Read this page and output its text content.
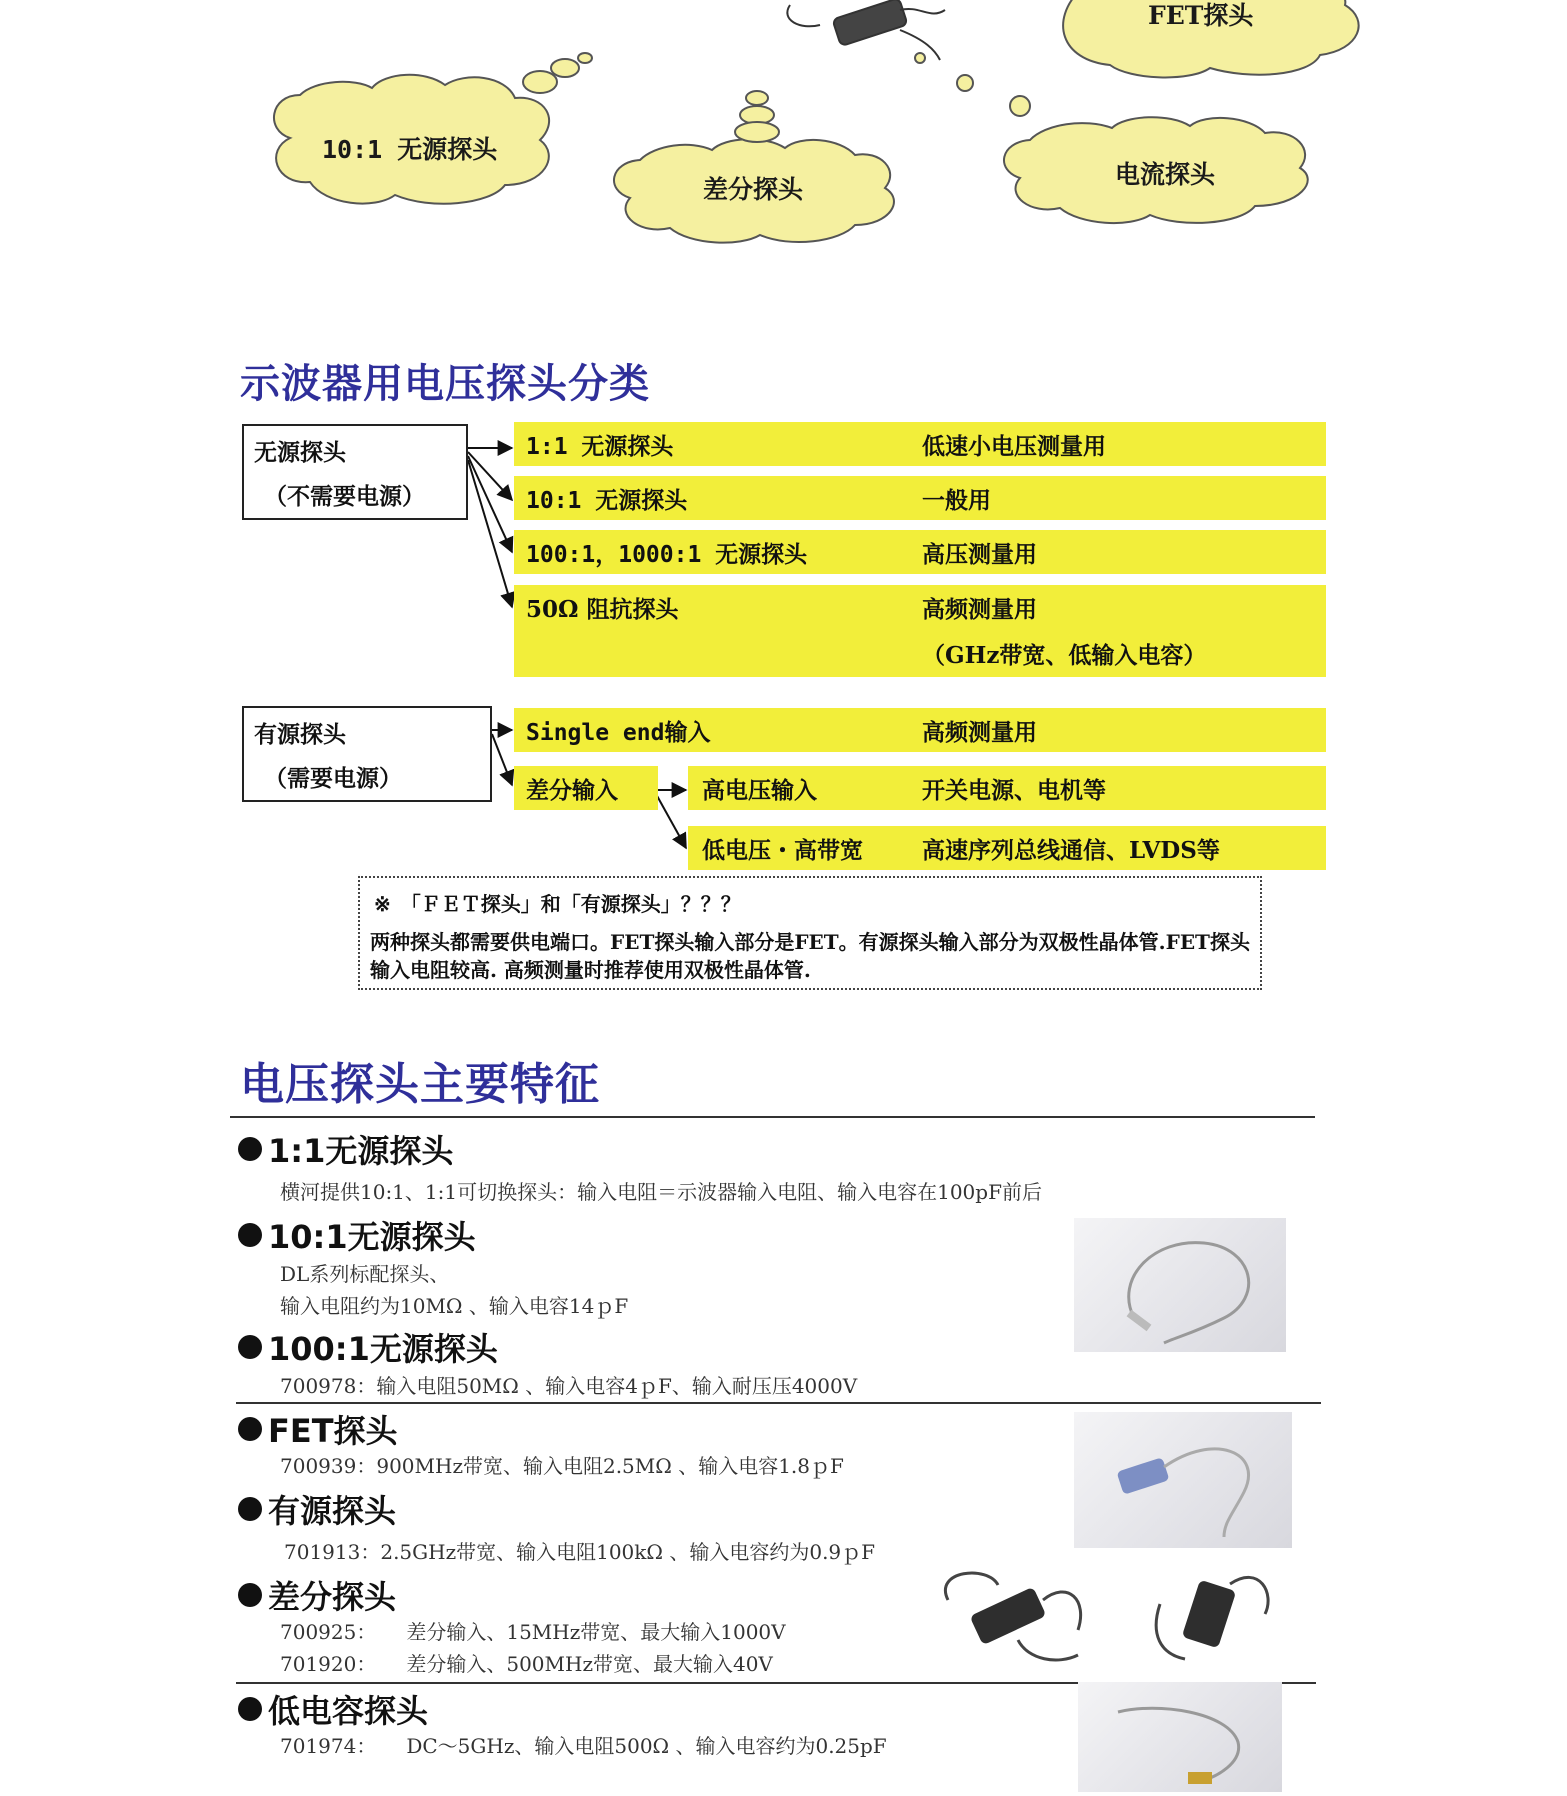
FET探头
10:1 无源探头
差分探头
电流探头
示波器用电压探头分类
无源探头
（不需要电源）
1:1 无源探头	低速小电压测量用
10:1 无源探头	一般用
100:1，1000:1 无源探头	高压测量用
50Ω 阻抗探头	高频测量用
（GHz带宽、低输入电容）
有源探头
（需要电源）
Single end输入	高频测量用
差分输入	高电压输入	开关电源、电机等
低电压・高带宽	高速序列总线通信、LVDS等
※　「ＦＥＴ探头」和「有源探头」？？？
两种探头都需要供电端口。FET探头输入部分是FET。有源探头输入部分为双极性晶体管.FET探头输入电阻较高. 高频测量时推荐使用双极性晶体管.
电压探头主要特征
1:1无源探头
横河提供10:1、1:1可切换探头：输入电阻＝示波器输入电阻、输入电容在100pF前后
10:1无源探头
DL系列标配探头、
输入电阻约为10MΩ 、输入电容14ｐF
100:1无源探头
700978：输入电阻50MΩ 、输入电容4ｐF、输入耐压压4000V
FET探头
700939：900MHz带宽、输入电阻2.5MΩ 、输入电容1.8ｐF
有源探头
701913：2.5GHz带宽、输入电阻100kΩ 、输入电容约为0.9ｐF
差分探头
700925：　　差分输入、15MHz带宽、最大输入1000V
701920：　　差分输入、500MHz带宽、最大输入40V
低电容探头
701974：　　DC～5GHz、输入电阻500Ω 、输入电容约为0.25pF
